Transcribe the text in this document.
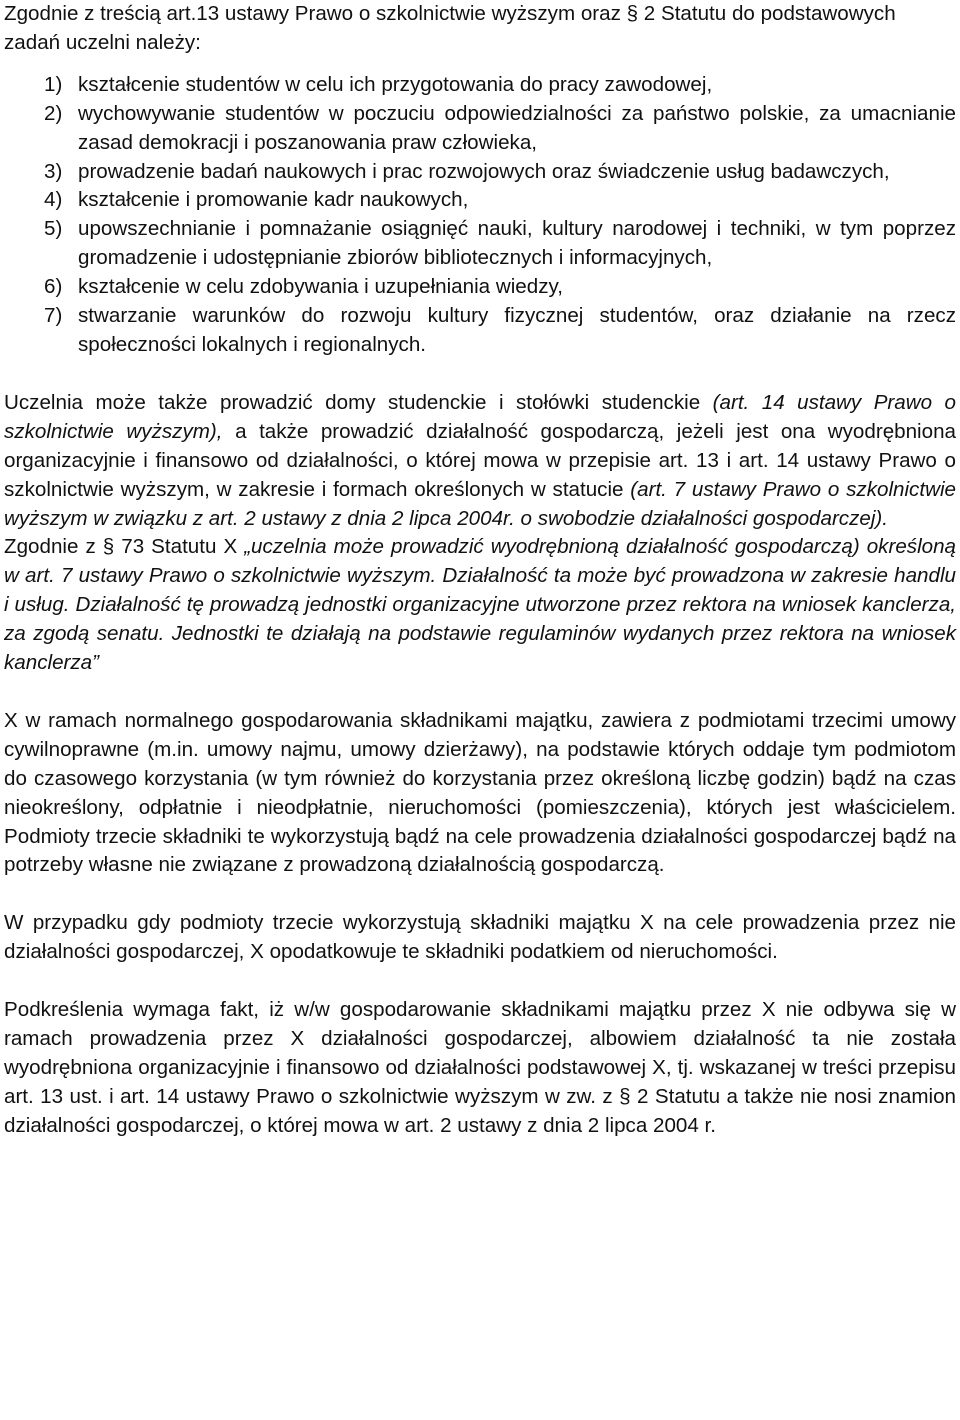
Zgodnie z treścią art.13 ustawy Prawo o szkolnictwie wyższym oraz § 2 Statutu do podstawowych zadań uczelni należy:

1) kształcenie studentów w celu ich przygotowania do pracy zawodowej,
2) wychowywanie studentów w poczuciu odpowiedzialności za państwo polskie, za umacnianie zasad demokracji i poszanowania praw człowieka,
3) prowadzenie badań naukowych i prac rozwojowych oraz świadczenie usług badawczych,
4) kształcenie i promowanie kadr naukowych,
5) upowszechnianie i pomnażanie osiągnięć nauki, kultury narodowej i techniki, w tym poprzez gromadzenie i udostępnianie zbiorów bibliotecznych i informacyjnych,
6) kształcenie w celu zdobywania i uzupełniania wiedzy,
7) stwarzanie warunków do rozwoju kultury fizycznej studentów, oraz działanie na rzecz społeczności lokalnych i regionalnych.

Uczelnia może także prowadzić domy studenckie i stołówki studenckie (art. 14 ustawy Prawo o szkolnictwie wyższym), a także prowadzić działalność gospodarczą, jeżeli jest ona wyodrębniona organizacyjnie i finansowo od działalności, o której mowa w przepisie art. 13 i art. 14 ustawy Prawo o szkolnictwie wyższym, w zakresie i formach określonych w statucie (art. 7 ustawy Prawo o szkolnictwie wyższym w związku z art. 2 ustawy z dnia 2 lipca 2004r. o swobodzie działalności gospodarczej).
Zgodnie z § 73 Statutu X „uczelnia może prowadzić wyodrębnioną działalność gospodarczą) określoną w art. 7 ustawy Prawo o szkolnictwie wyższym. Działalność ta może być prowadzona w zakresie handlu i usług. Działalność tę prowadzą jednostki organizacyjne utworzone przez rektora na wniosek kanclerza, za zgodą senatu. Jednostki te działają na podstawie regulaminów wydanych przez rektora na wniosek kanclerza”

X w ramach normalnego gospodarowania składnikami majątku, zawiera z podmiotami trzecimi umowy cywilnoprawne (m.in. umowy najmu, umowy dzierżawy), na podstawie których oddaje tym podmiotom do czasowego korzystania (w tym również do korzystania przez określoną liczbę godzin) bądź na czas nieokreślony, odpłatnie i nieodpłatnie, nieruchomości (pomieszczenia), których jest właścicielem. Podmioty trzecie składniki te wykorzystują bądź na cele prowadzenia działalności gospodarczej bądź na potrzeby własne nie związane z prowadzoną działalnością gospodarczą.

W przypadku gdy podmioty trzecie wykorzystują składniki majątku X na cele prowadzenia przez nie działalności gospodarczej, X opodatkowuje te składniki podatkiem od nieruchomości.

Podkreślenia wymaga fakt, iż w/w gospodarowanie składnikami majątku przez X nie odbywa się w ramach prowadzenia przez X działalności gospodarczej, albowiem działalność ta nie została wyodrębniona organizacyjnie i finansowo od działalności podstawowej X, tj. wskazanej w treści przepisu art. 13 ust. i art. 14 ustawy Prawo o szkolnictwie wyższym w zw. z § 2 Statutu a także nie nosi znamion działalności gospodarczej, o której mowa w art. 2 ustawy z dnia 2 lipca 2004 r.
